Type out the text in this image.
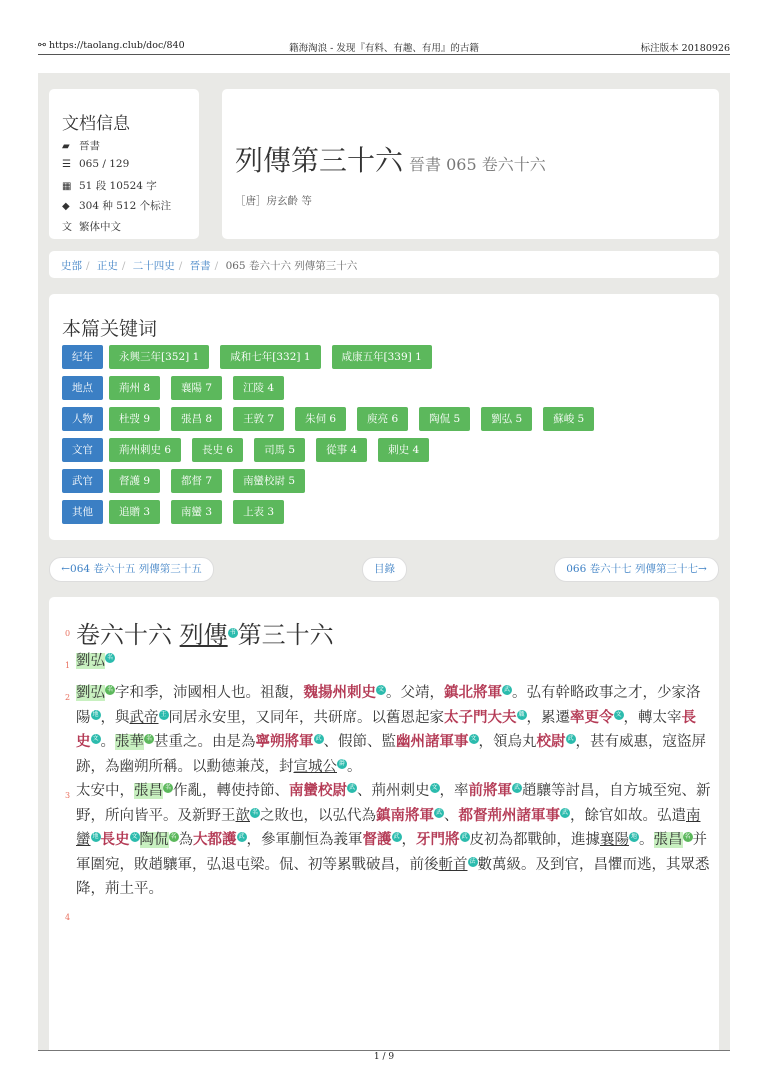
⚯ https://taolang.club/doc/840	籍海淘浪 - 发现『有料、有趣、有用』的古籍	标注版本 20180926
文档信息
▰ 晉書
☰ 065 / 129
▦ 51 段 10524 字
◆ 304 种 512 个标注
文 繁体中文
列傳第三十六 晉書 065 卷六十六
［唐］房玄齡 等
史部 / 正史 / 二十四史 / 晉書 / 065 卷六十六 列傳第三十六
本篇关键词
纪年 永興三年[352] 1	咸和七年[332] 1	咸康五年[339] 1
地点 荊州 8	襄陽 7	江陵 4
人物 杜弢 9	張昌 8	王敦 7	朱伺 6	庾亮 6	陶侃 5	劉弘 5	蘇峻 5
文官 荊州刺史 6	長史 6	司馬 5	從事 4	刺史 4
武官 督護 9	都督 7	南蠻校尉 5
其他 追贈 3	南蠻 3	上表 3
←064 卷六十五 列傳第三十五	目錄	066 卷六十七 列傳第三十七→
0 卷六十六 列傳 书第三十六
1 劉弘 名
2 劉弘 名 字和季，沛國相人也。祖馥，魏揚州刺史 文 。父靖，鎮北將軍 武 。弘有幹略政事之才，少家洛
陽 地 ，與武帝 王 同居永安里，又同年，共研席。以舊恩起家太子門大夫 職 ，累遷率更令 文 ，轉太宰長
史 文 。張華 名 甚重之。由是為寧朔將軍 武 、假節、監幽州諸軍事 文 ，領烏丸校尉 武 ，甚有威惠，寇盜屏
跡，為幽朔所稱。以勳德兼茂，封宣城公 爵 。
3 太安中，張昌 名 作亂，轉使持節、南蠻校尉 武 、荊州刺史 文 ，率前將軍 武 趙驤等討昌，自方城至宛、新
野，所向皆平。及新野王歆 名 之敗也，以弘代為鎮南將軍 武 、都督荊州諸軍事 武 ，餘官如故。弘遣南
蠻 地 長史 文 陶侃 名 為大都護 武 ，參軍蒯恒為義軍督護 武 ，牙門將 武 皮初為都戰帥，進據襄陽 地 。張昌 名 并
軍圍宛，敗趙驤軍，弘退屯梁。侃、初等累戰破昌，前後斬首 法 數萬級。及到官，昌懼而逃，其眾悉
降，荊土平。
4
1 / 9
